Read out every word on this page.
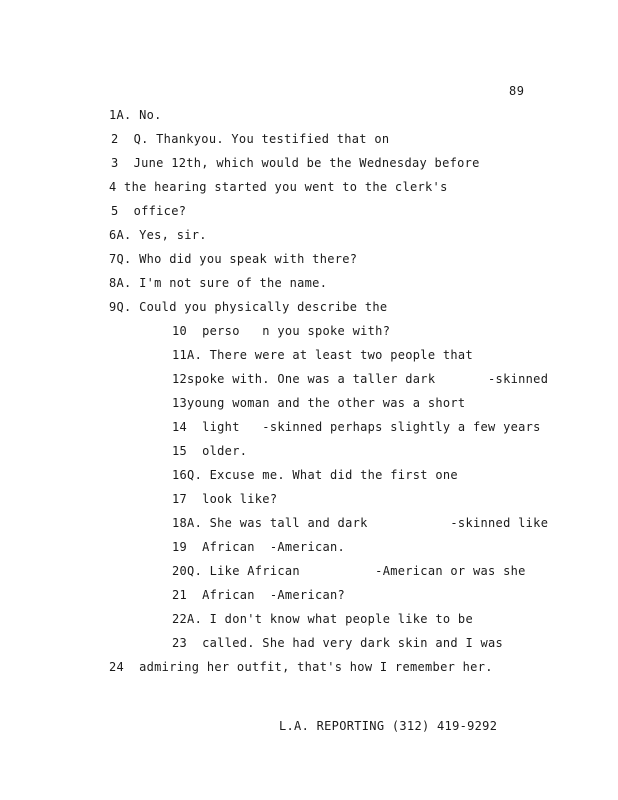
89
1A. No.
2  Q. Thankyou. You testified that on
3  June 12th, which would be the Wednesday before
4 the hearing started you went to the clerk's
5  office?
6A. Yes, sir.
7Q. Who did you speak with there?
8A. I'm not sure of the name.
9Q. Could you physically describe the
10  perso   n you spoke with?
11A. There were at least two people that
12spoke with. One was a taller dark       -skinned
13young woman and the other was a short
14  light   -skinned perhaps slightly a few years
15  older.
16Q. Excuse me. What did the first one
17  look like?
18A. She was tall and dark           -skinned like
19  African  -American.
20Q. Like African          -American or was she
21  African  -American?
22A. I don't know what people like to be
23  called. She had very dark skin and I was
24  admiring her outfit, that's how I remember her.
L.A. REPORTING (312) 419-9292
